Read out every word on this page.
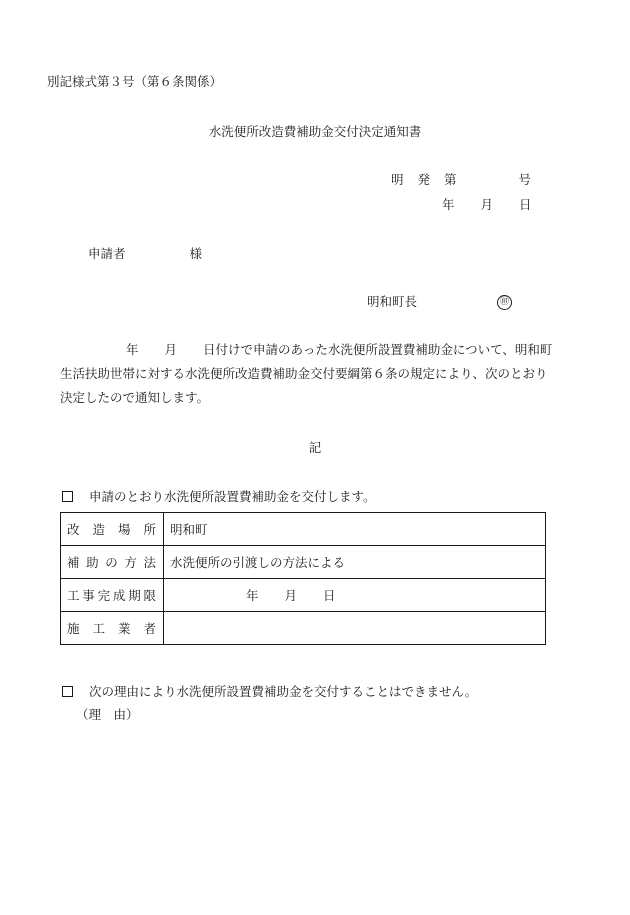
別記様式第３号（第６条関係）
水洗便所改造費補助金交付決定通知書
明 発 第	号
年 月 日
申請者	様
明和町長	㊞
年 月 日付けで申請のあった水洗便所設置費補助金について、明和町
生活扶助世帯に対する水洗便所改造費補助金交付要綱第６条の規定により、次のとおり
決定したので通知します。
記
申請のとおり水洗便所設置費補助金を交付します。
改造場所	明和町
補助の方法	水洗便所の引渡しの方法による
工事完成期限	年 月 日
施工業者	
次の理由により水洗便所設置費補助金を交付することはできません。
（理　由）
